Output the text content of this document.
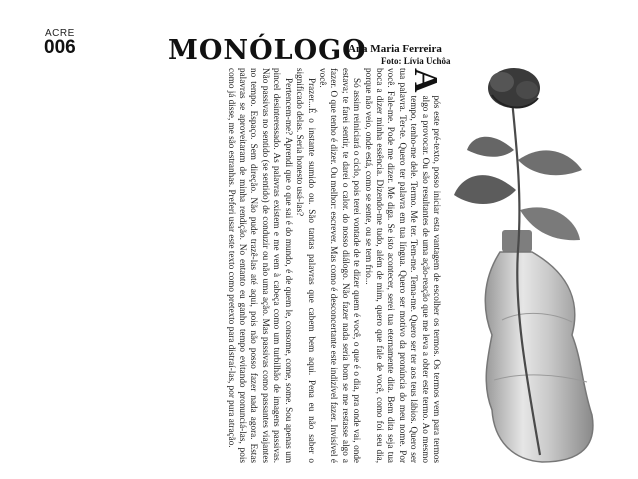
ACRE
006	MONÓLOGO
Ana Maria Ferreira
Foto: Lívia Uchôa

A
pós este pré-texto, posso iniciar esta vantagem de escolher os termos. Os termos vem para termos algo a provocar. Ou são resultantes de uma ação-reação que me leva a obter este termo. Ao mesmo tempo, tenho-me dele. Termo. Me ter. Tem-me. Tema-me. Quero ser ter aos teus lábios. Quero ser tua palavra. Ter-te. Quero ter palavra em tua língua. Quero ser motivo da pronúncia do meu nome. Por você. Fale-me. Pode me dizer. Me diga. Se isto acontecer, serei tua eternamente dita. Bem dita seja tua boca a dizer minha essência. Dizendo-me tudo, além de mim, quero que fale de você, como foi seu dia, porque não veio, onde está, como se sente, ou se tem frio...

Só assim reiniciará o ciclo, pois terei vontade de te dizer quem é você, o que é o dia, pra onde vai, onde estava; te farei sentir, te darei o calor. do nosso diálogo. Não fazer nada seria bom se me restasse algo a fazer. O que tenho é dizer. Ou melhor: escrever. Mas como é desconcertante este indizível fazer. Invisível é você.

Prazer...É o instante sumido ou. São tantas palavras que cabem bem aqui. Pena eu não saber o significado delas. Seria honesto usá-las?

Pertencem-me? Aprendi que o que sai é do mundo, é de quem le, consome, come, some. Sou apenas um pincel desinteressado. As palavras existem e me vem à cabeça como um turbilhão de imagens passivas. Não passivas no sentido (se sentido) de conduzir ou não uma ação. Mas passivas como passantes viajantes no tempo. Espaço. Sem direção. Não pude trazê-las até aqui, pois não posso fazer nada agora. Estas palavras se aproveitaram de minha rendição. No entanto eu ganho tempo evitando pronunciá-las, pois como já disse, me são estranhas. Preferi usar este texto como pretexto para distraí-las, por pura atração.
